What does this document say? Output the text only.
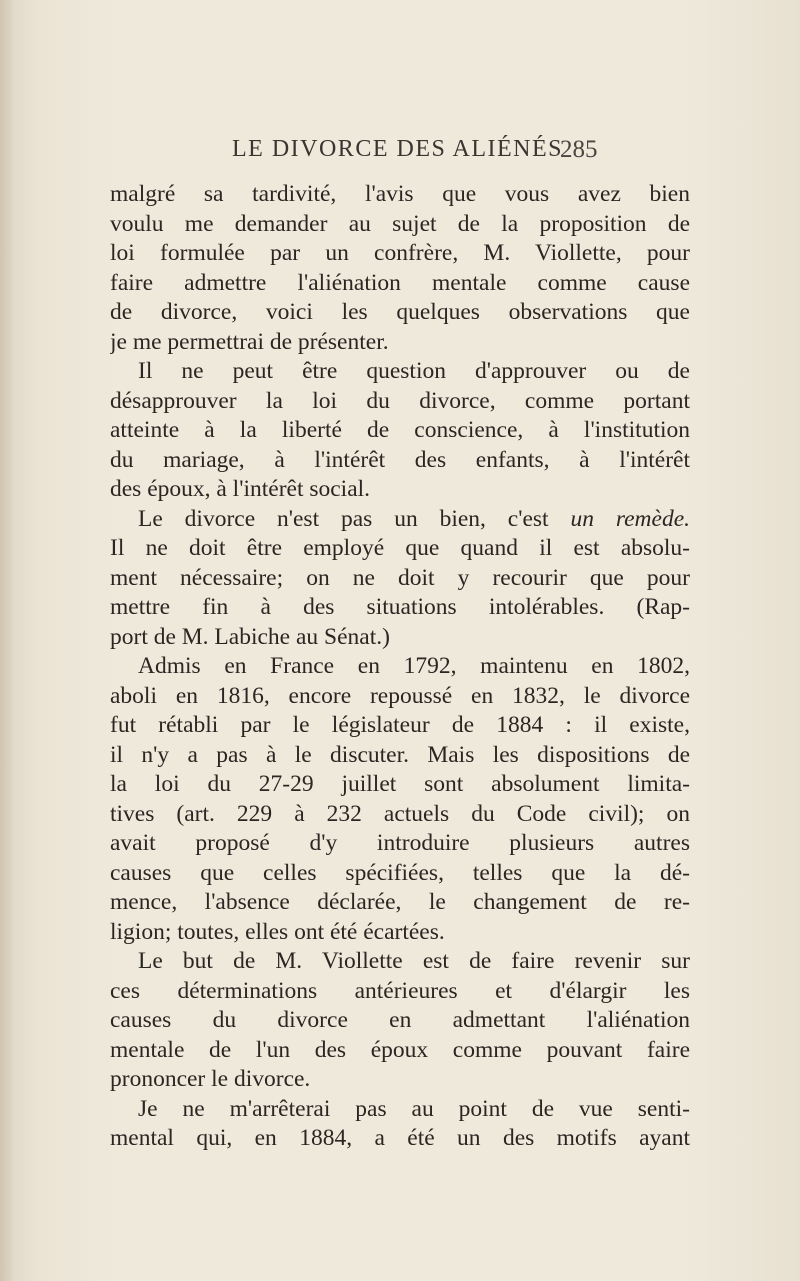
LE DIVORCE DES ALIÉNÉS
285
malgré sa tardivité, l'avis que vous avez bien
voulu me demander au sujet de la proposition de
loi formulée par un confrère, M. Viollette, pour
faire admettre l'aliénation mentale comme cause
de divorce, voici les quelques observations que
je me permettrai de présenter.
Il ne peut être question d'approuver ou de
désapprouver la loi du divorce, comme portant
atteinte à la liberté de conscience, à l'institution
du mariage, à l'intérêt des enfants, à l'intérêt
des époux, à l'intérêt social.
Le divorce n'est pas un bien, c'est un remède.
Il ne doit être employé que quand il est absolu-
ment nécessaire; on ne doit y recourir que pour
mettre fin à des situations intolérables. (Rap-
port de M. Labiche au Sénat.)
Admis en France en 1792, maintenu en 1802,
aboli en 1816, encore repoussé en 1832, le divorce
fut rétabli par le législateur de 1884 : il existe,
il n'y a pas à le discuter. Mais les dispositions de
la loi du 27-29 juillet sont absolument limita-
tives (art. 229 à 232 actuels du Code civil); on
avait proposé d'y introduire plusieurs autres
causes que celles spécifiées, telles que la dé-
mence, l'absence déclarée, le changement de re-
ligion; toutes, elles ont été écartées.
Le but de M. Viollette est de faire revenir sur
ces déterminations antérieures et d'élargir les
causes du divorce en admettant l'aliénation
mentale de l'un des époux comme pouvant faire
prononcer le divorce.
Je ne m'arrêterai pas au point de vue senti-
mental qui, en 1884, a été un des motifs ayant
